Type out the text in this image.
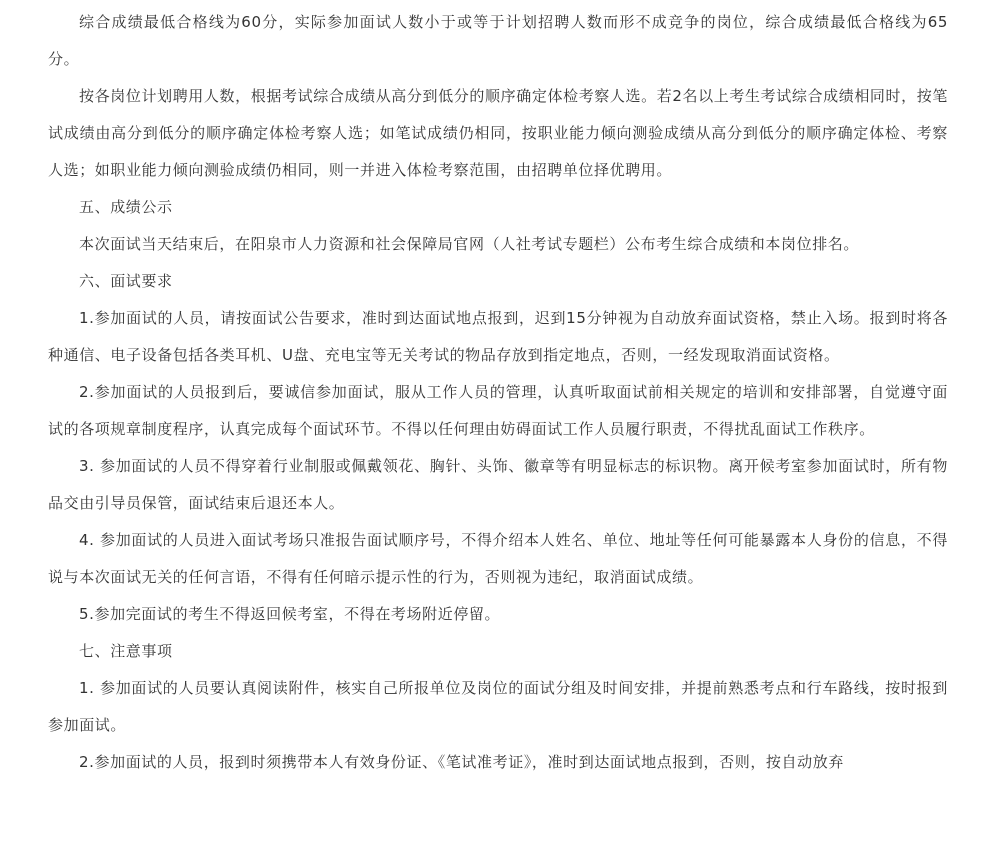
综合成绩最低合格线为60分，实际参加面试人数小于或等于计划招聘人数而形不成竞争的岗位，综合成绩最低合格线为65 分。

按各岗位计划聘用人数，根据考试综合成绩从高分到低分的顺序确定体检考察人选。若2名以上考生考试综合成绩相同时，按笔试成绩由高分到低分的顺序确定体检考察人选；如笔试成绩仍相同，按职业能力倾向测验成绩从高分到低分的顺序确定体检、考察人选；如职业能力倾向测验成绩仍相同，则一并进入体检考察范围，由招聘单位择优聘用。

五、成绩公示

本次面试当天结束后，在阳泉市人力资源和社会保障局官网（人社考试专题栏）公布考生综合成绩和本岗位排名。

六、面试要求

1.参加面试的人员，请按面试公告要求，准时到达面试地点报到，迟到15分钟视为自动放弃面试资格，禁止入场。报到时将各种通信、电子设备包括各类耳机、U盘、充电宝等无关考试的物品存放到指定地点，否则，一经发现取消面试资格。

2.参加面试的人员报到后，要诚信参加面试，服从工作人员的管理，认真听取面试前相关规定的培训和安排部署，自觉遵守面试的各项规章制度程序，认真完成每个面试环节。不得以任何理由妨碍面试工作人员履行职责，不得扰乱面试工作秩序。

3. 参加面试的人员不得穿着行业制服或佩戴领花、胸针、头饰、徽章等有明显标志的标识物。离开候考室参加面试时，所有物品交由引导员保管，面试结束后退还本人。

4. 参加面试的人员进入面试考场只准报告面试顺序号，不得介绍本人姓名、单位、地址等任何可能暴露本人身份的信息，不得说与本次面试无关的任何言语，不得有任何暗示提示性的行为，否则视为违纪，取消面试成绩。

5.参加完面试的考生不得返回候考室，不得在考场附近停留。

七、注意事项

1. 参加面试的人员要认真阅读附件，核实自己所报单位及岗位的面试分组及时间安排，并提前熟悉考点和行车路线，按时报到参加面试。

2.参加面试的人员，报到时须携带本人有效身份证、《笔试准考证》，准时到达面试地点报到，否则，按自动放弃
